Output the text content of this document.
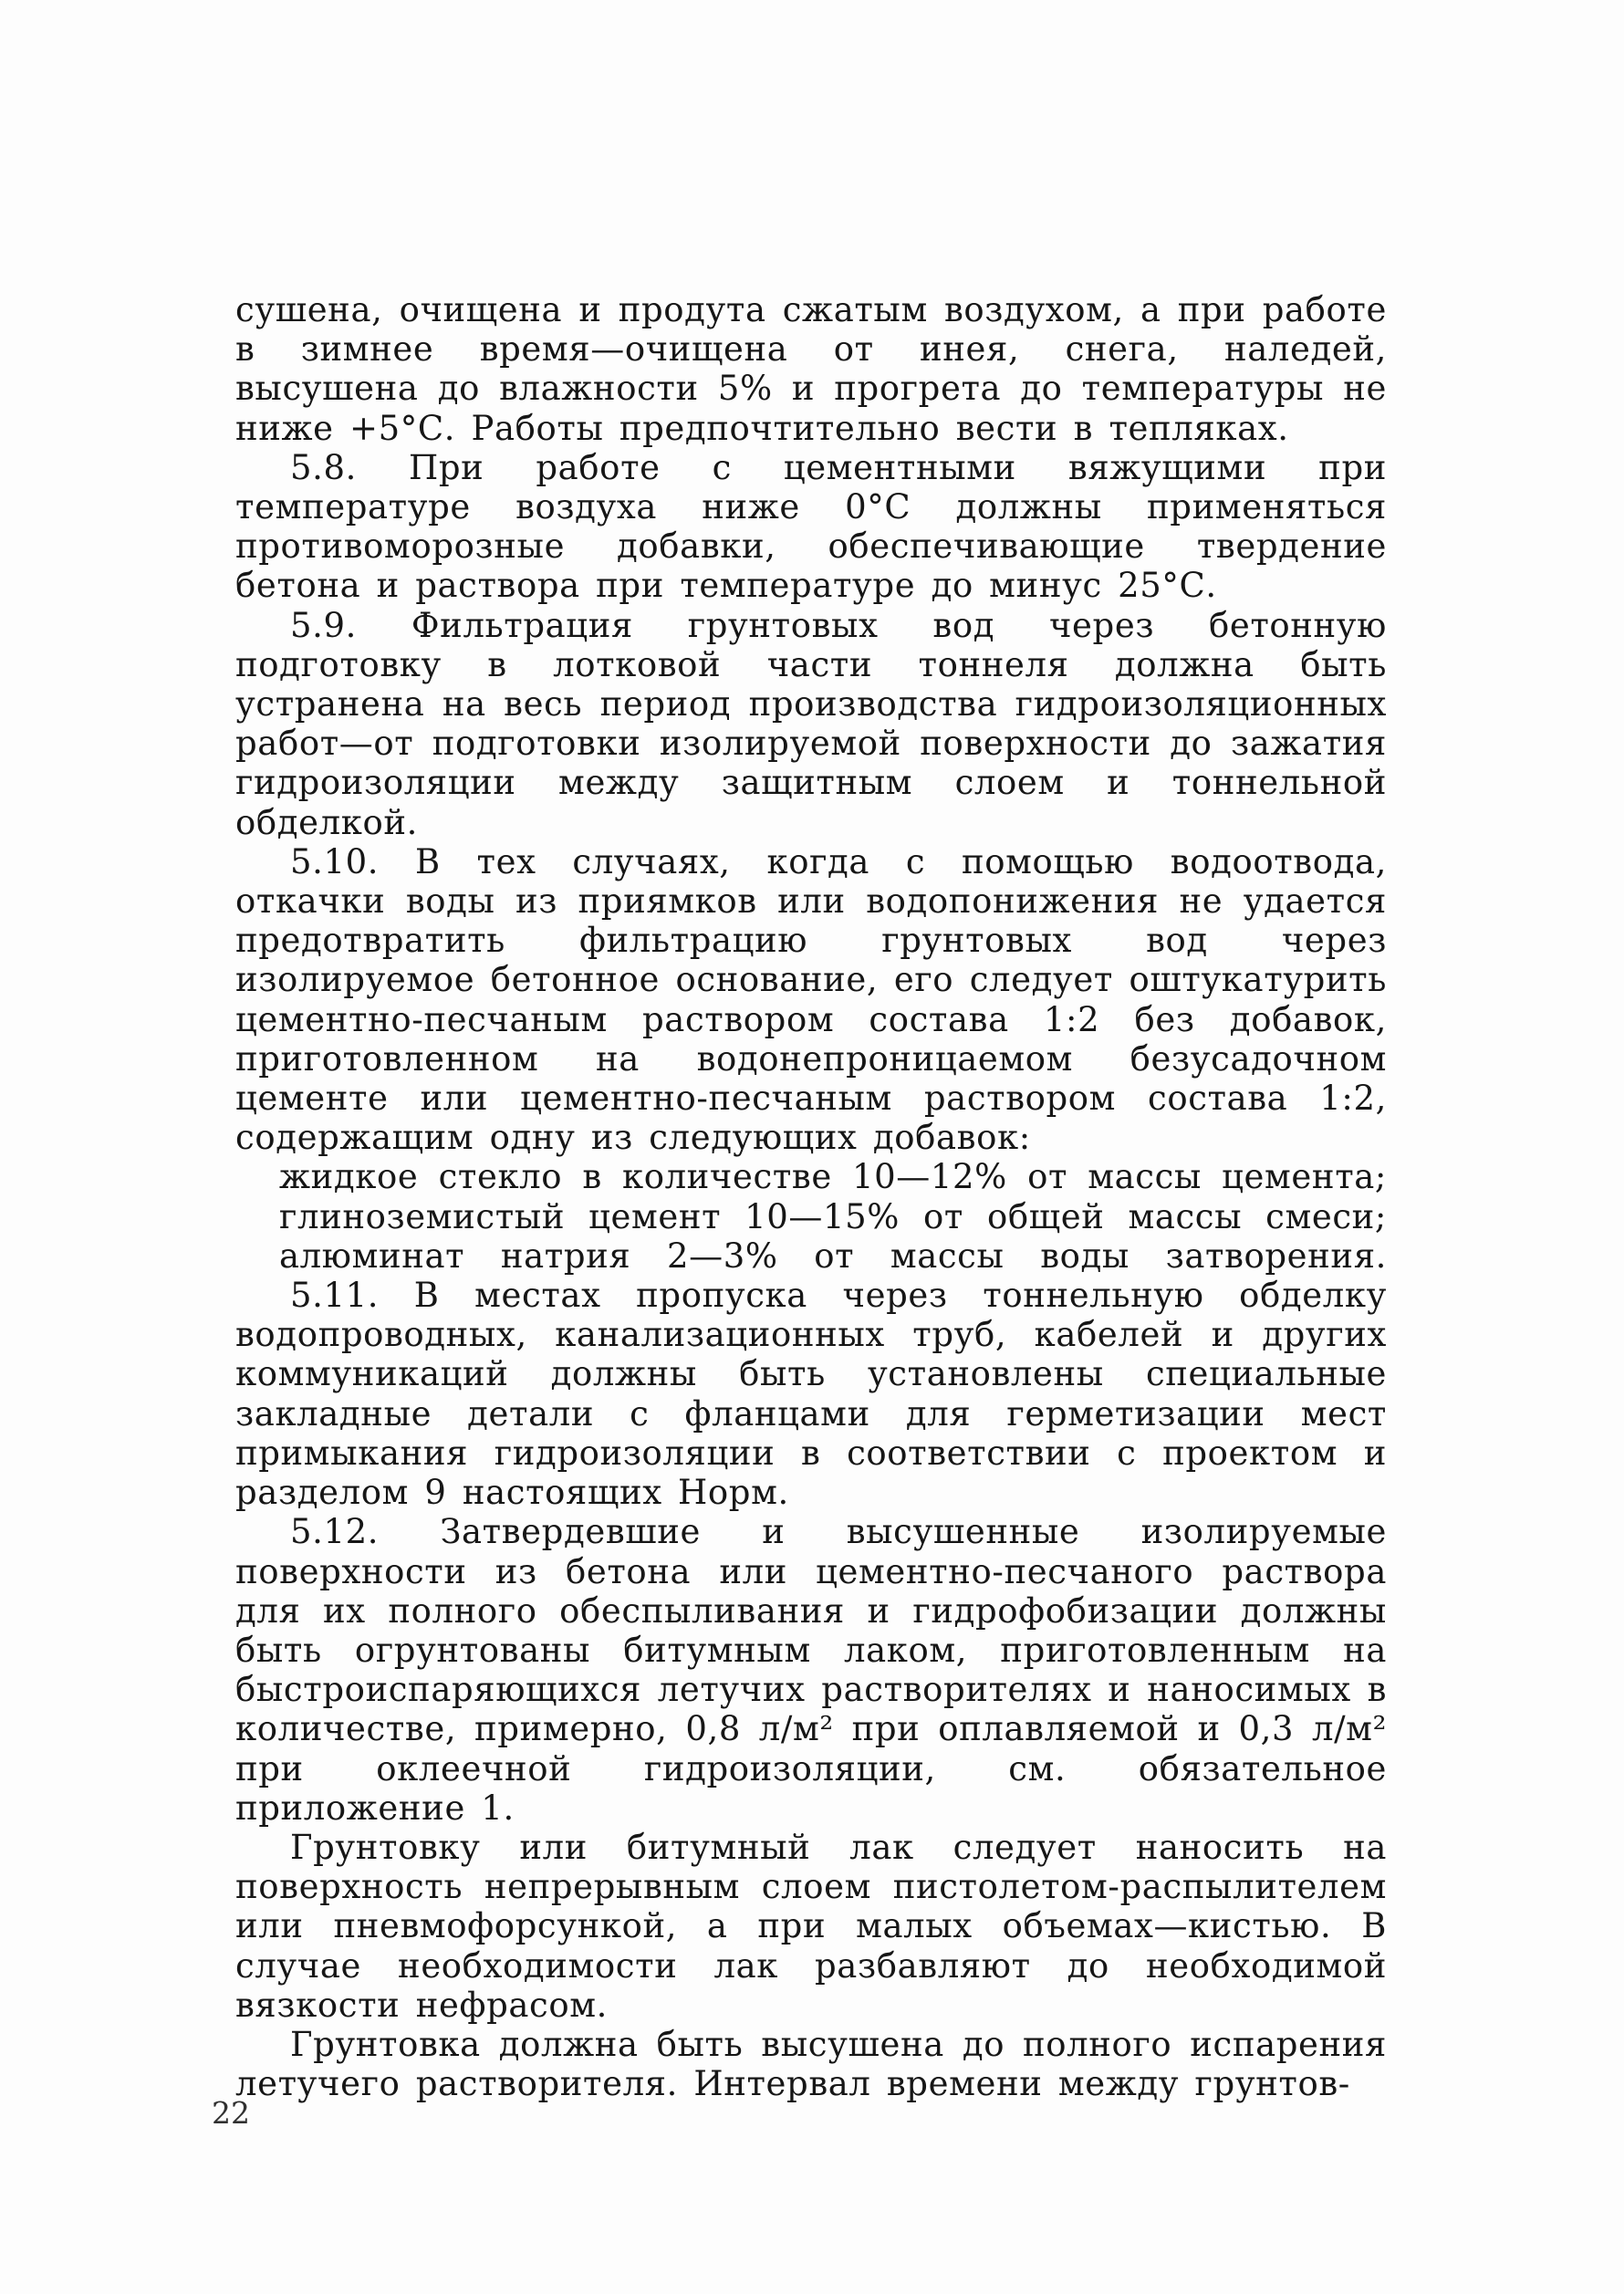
сушена, очищена и продута сжатым воздухом, а при работе в зимнее время—очищена от инея, снега, наледей, высушена до влажности 5% и прогрета до температуры не ниже +5°С. Работы предпочтительно вести в тепляках.

5.8. При работе с цементными вяжущими при температуре воздуха ниже 0°С должны применяться противоморозные добавки, обеспечивающие твердение бетона и раствора при температуре до минус 25°С.

5.9. Фильтрация грунтовых вод через бетонную подготовку в лотковой части тоннеля должна быть устранена на весь период производства гидроизоляционных работ—от подготовки изолируемой поверхности до зажатия гидроизоляции между защитным слоем и тоннельной обделкой.

5.10. В тех случаях, когда с помощью водоотвода, откачки воды из приямков или водопонижения не удается предотвратить фильтрацию грунтовых вод через изолируемое бетонное основание, его следует оштукатурить цементно-песчаным раствором состава 1:2 без добавок, приготовленном на водонепроницаемом безусадочном цементе или цементно-песчаным раствором состава 1:2, содержащим одну из следующих добавок:

жидкое стекло в количестве 10—12% от массы цемента;

глиноземистый цемент 10—15% от общей массы смеси;

алюминат натрия 2—3% от массы воды затворения.

5.11. В местах пропуска через тоннельную обделку водопроводных, канализационных труб, кабелей и других коммуникаций должны быть установлены специальные закладные детали с фланцами для герметизации мест примыкания гидроизоляции в соответствии с проектом и разделом 9 настоящих Норм.

5.12. Затвердевшие и высушенные изолируемые поверхности из бетона или цементно-песчаного раствора для их полного обеспыливания и гидрофобизации должны быть огрунтованы битумным лаком, приготовленным на быстроиспаряющихся летучих растворителях и наносимых в количестве, примерно, 0,8 л/м² при оплавляемой и 0,3 л/м² при оклеечной гидроизоляции, см. обязательное приложение 1.

Грунтовку или битумный лак следует наносить на поверхность непрерывным слоем пистолетом-распылителем или пневмофорсункой, а при малых объемах—кистью. В случае необходимости лак разбавляют до необходимой вязкости нефрасом.

Грунтовка должна быть высушена до полного испарения летучего растворителя. Интервал времени между грунтов-

22
